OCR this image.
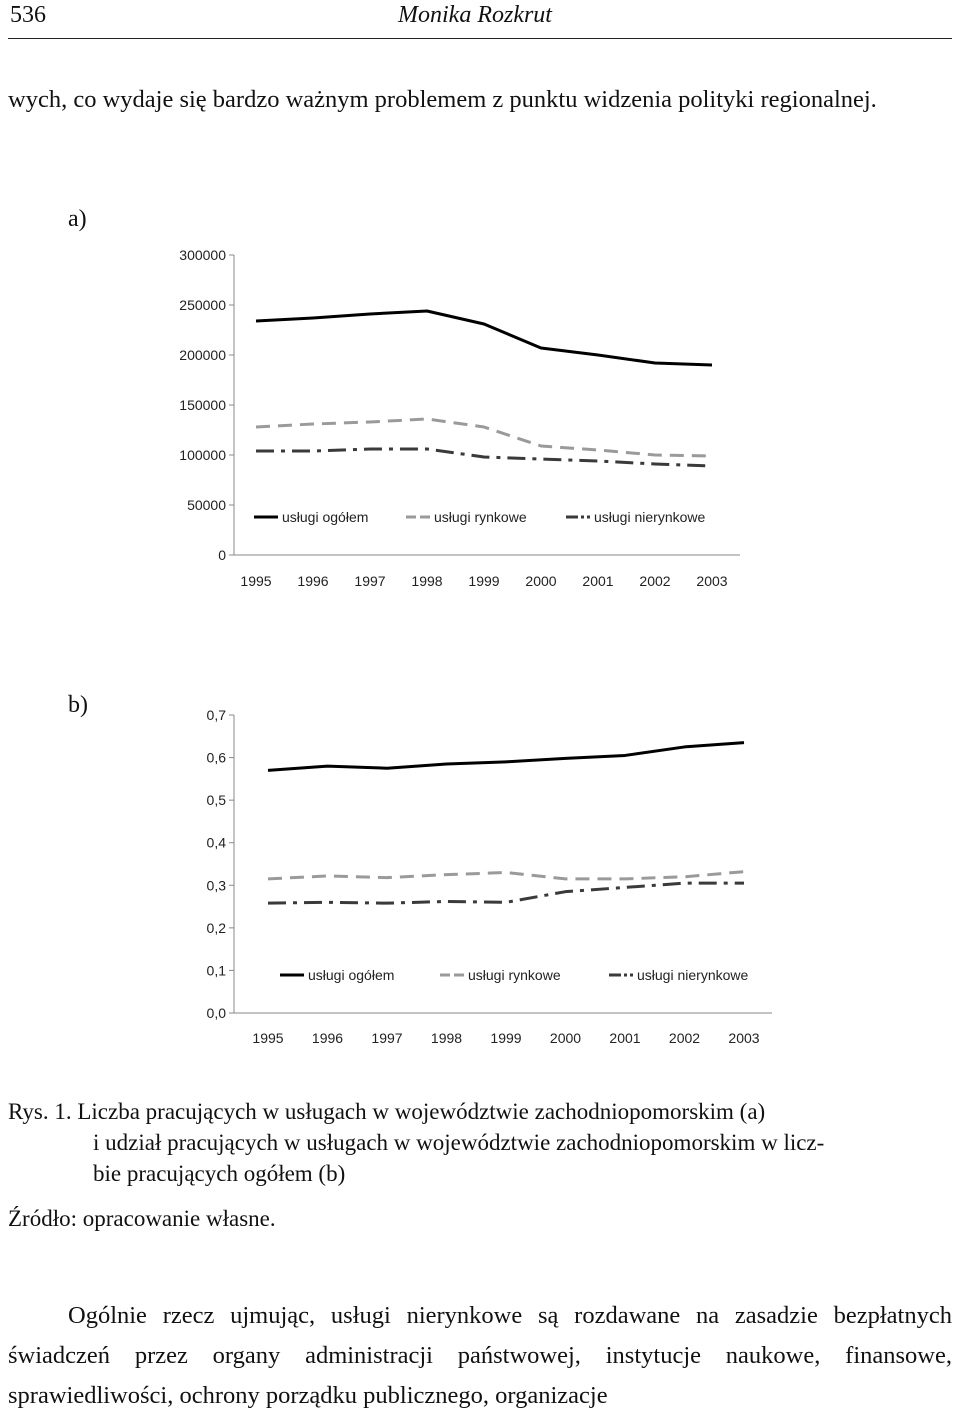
536	Monika Rozkrut

wych, co wydaje się bardzo ważnym problemem z punktu widzenia polityki regionalnej.

a)
0
50000
100000
150000
200000
250000
300000
1995 1996 1997 1998 1999 2000 2001 2002 2003
usługi ogółem	usługi rynkowe	usługi nierynkowe
b)
0,0
0,1
0,2
0,3
0,4
0,5
0,6
0,7
1995 1996 1997 1998 1999 2000 2001 2002 2003
usługi ogółem	usługi rynkowe	usługi nierynkowe
Rys. 1. Liczba pracujących w usługach w województwie zachodniopomorskim (a)
i udział pracujących w usługach w województwie zachodniopomorskim w licz-
bie pracujących ogółem (b)
Źródło: opracowanie własne.

Ogólnie rzecz ujmując, usługi nierynkowe są rozdawane na zasadzie bezpłatnych świadczeń przez organy administracji państwowej, instytucje naukowe, finansowe, sprawiedliwości, ochrony porządku publicznego, organizacje
